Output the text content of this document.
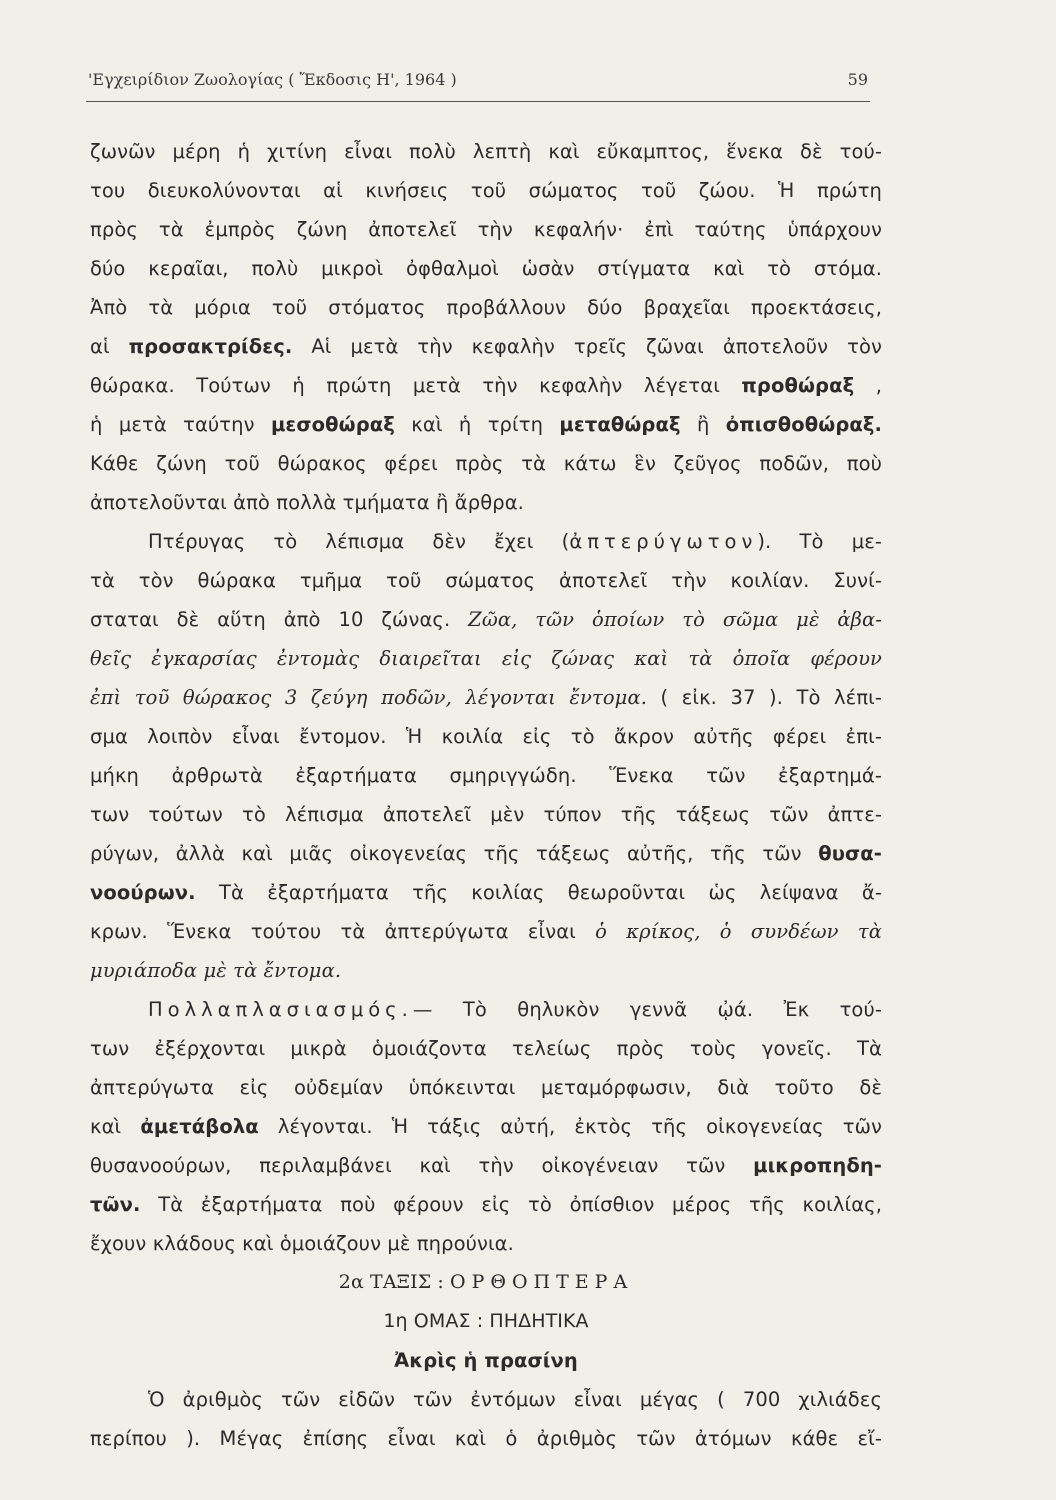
'Εγχειρίδιον Ζωολογίας ( Ἔκδοσις Η', 1964 )	59
ζωνῶν μέρη ἡ χιτίνη εἶναι πολὺ λεπτὴ καὶ εὔκαμπτος, ἕνεκα δὲ τού-
του διευκολύνονται αἱ κινήσεις τοῦ σώματος τοῦ ζώου. Ἡ πρώτη
πρὸς τὰ ἐμπρὸς ζώνη ἀποτελεῖ τὴν κεφαλήν· ἐπὶ ταύτης ὑπάρχουν
δύο κεραῖαι, πολὺ μικροὶ ὀφθαλμοὶ ὡσὰν στίγματα καὶ τὸ στόμα.
Ἀπὸ τὰ μόρια τοῦ στόματος προβάλλουν δύο βραχεῖαι προεκτάσεις,
αἱ προσακτρίδες. Αἱ μετὰ τὴν κεφαλὴν τρεῖς ζῶναι ἀποτελοῦν τὸν
θώρακα. Τούτων ἡ πρώτη μετὰ τὴν κεφαλὴν λέγεται προθώραξ ,
ἡ μετὰ ταύτην μεσοθώραξ καὶ ἡ τρίτη μεταθώραξ ἢ ὀπισθοθώραξ.
Κάθε ζώνη τοῦ θώρακος φέρει πρὸς τὰ κάτω ἓν ζεῦγος ποδῶν, ποὺ
ἀποτελοῦνται ἀπὸ πολλὰ τμήματα ἢ ἄρθρα.
Πτέρυγας τὸ λέπισμα δὲν ἔχει (ἀπτερύγωτον). Τὸ με-
τὰ τὸν θώρακα τμῆμα τοῦ σώματος ἀποτελεῖ τὴν κοιλίαν. Συνί-
σταται δὲ αὕτη ἀπὸ 10 ζώνας. Ζῶα, τῶν ὁποίων τὸ σῶμα μὲ ἀβα-
θεῖς ἐγκαρσίας ἐντομὰς διαιρεῖται εἰς ζώνας καὶ τὰ ὁποῖα φέρουν
ἐπὶ τοῦ θώρακος 3 ζεύγη ποδῶν, λέγονται ἔντομα. ( εἰκ. 37 ). Τὸ λέπι-
σμα λοιπὸν εἶναι ἔντομον. Ἡ κοιλία εἰς τὸ ἄκρον αὐτῆς φέρει ἐπι-
μήκη ἀρθρωτὰ ἐξαρτήματα σμηριγγώδη. Ἕνεκα τῶν ἐξαρτημά-
των τούτων τὸ λέπισμα ἀποτελεῖ μὲν τύπον τῆς τάξεως τῶν ἀπτε-
ρύγων, ἀλλὰ καὶ μιᾶς οἰκογενείας τῆς τάξεως αὐτῆς, τῆς τῶν θυσα-
νοούρων. Τὰ ἐξαρτήματα τῆς κοιλίας θεωροῦνται ὡς λείψανα ἄ-
κρων. Ἕνεκα τούτου τὰ ἀπτερύγωτα εἶναι ὁ κρίκος, ὁ συνδέων τὰ
μυριάποδα μὲ τὰ ἔντομα.
Πολλαπλασιασμός.— Τὸ θηλυκὸν γεννᾶ ᾠά. Ἐκ τού-
των ἐξέρχονται μικρὰ ὁμοιάζοντα τελείως πρὸς τοὺς γονεῖς. Τὰ
ἀπτερύγωτα εἰς οὐδεμίαν ὑπόκεινται μεταμόρφωσιν, διὰ τοῦτο δὲ
καὶ ἀμετάβολα λέγονται. Ἡ τάξις αὐτή, ἐκτὸς τῆς οἰκογενείας τῶν
θυσανοούρων, περιλαμβάνει καὶ τὴν οἰκογένειαν τῶν μικροπηδη-
τῶν. Τὰ ἐξαρτήματα ποὺ φέρουν εἰς τὸ ὀπίσθιον μέρος τῆς κοιλίας,
ἔχουν κλάδους καὶ ὁμοιάζουν μὲ πηρούνια.
2α ΤΑΞΙΣ : ΟΡΘΟΠΤΕΡΑ
1η ΟΜΑΣ : ΠΗΔΗΤΙΚΑ
Ἀκρὶς ἡ πρασίνη
Ὁ ἀριθμὸς τῶν εἰδῶν τῶν ἐντόμων εἶναι μέγας ( 700 χιλιάδες
περίπου ). Μέγας ἐπίσης εἶναι καὶ ὁ ἀριθμὸς τῶν ἀτόμων κάθε εἴ-
